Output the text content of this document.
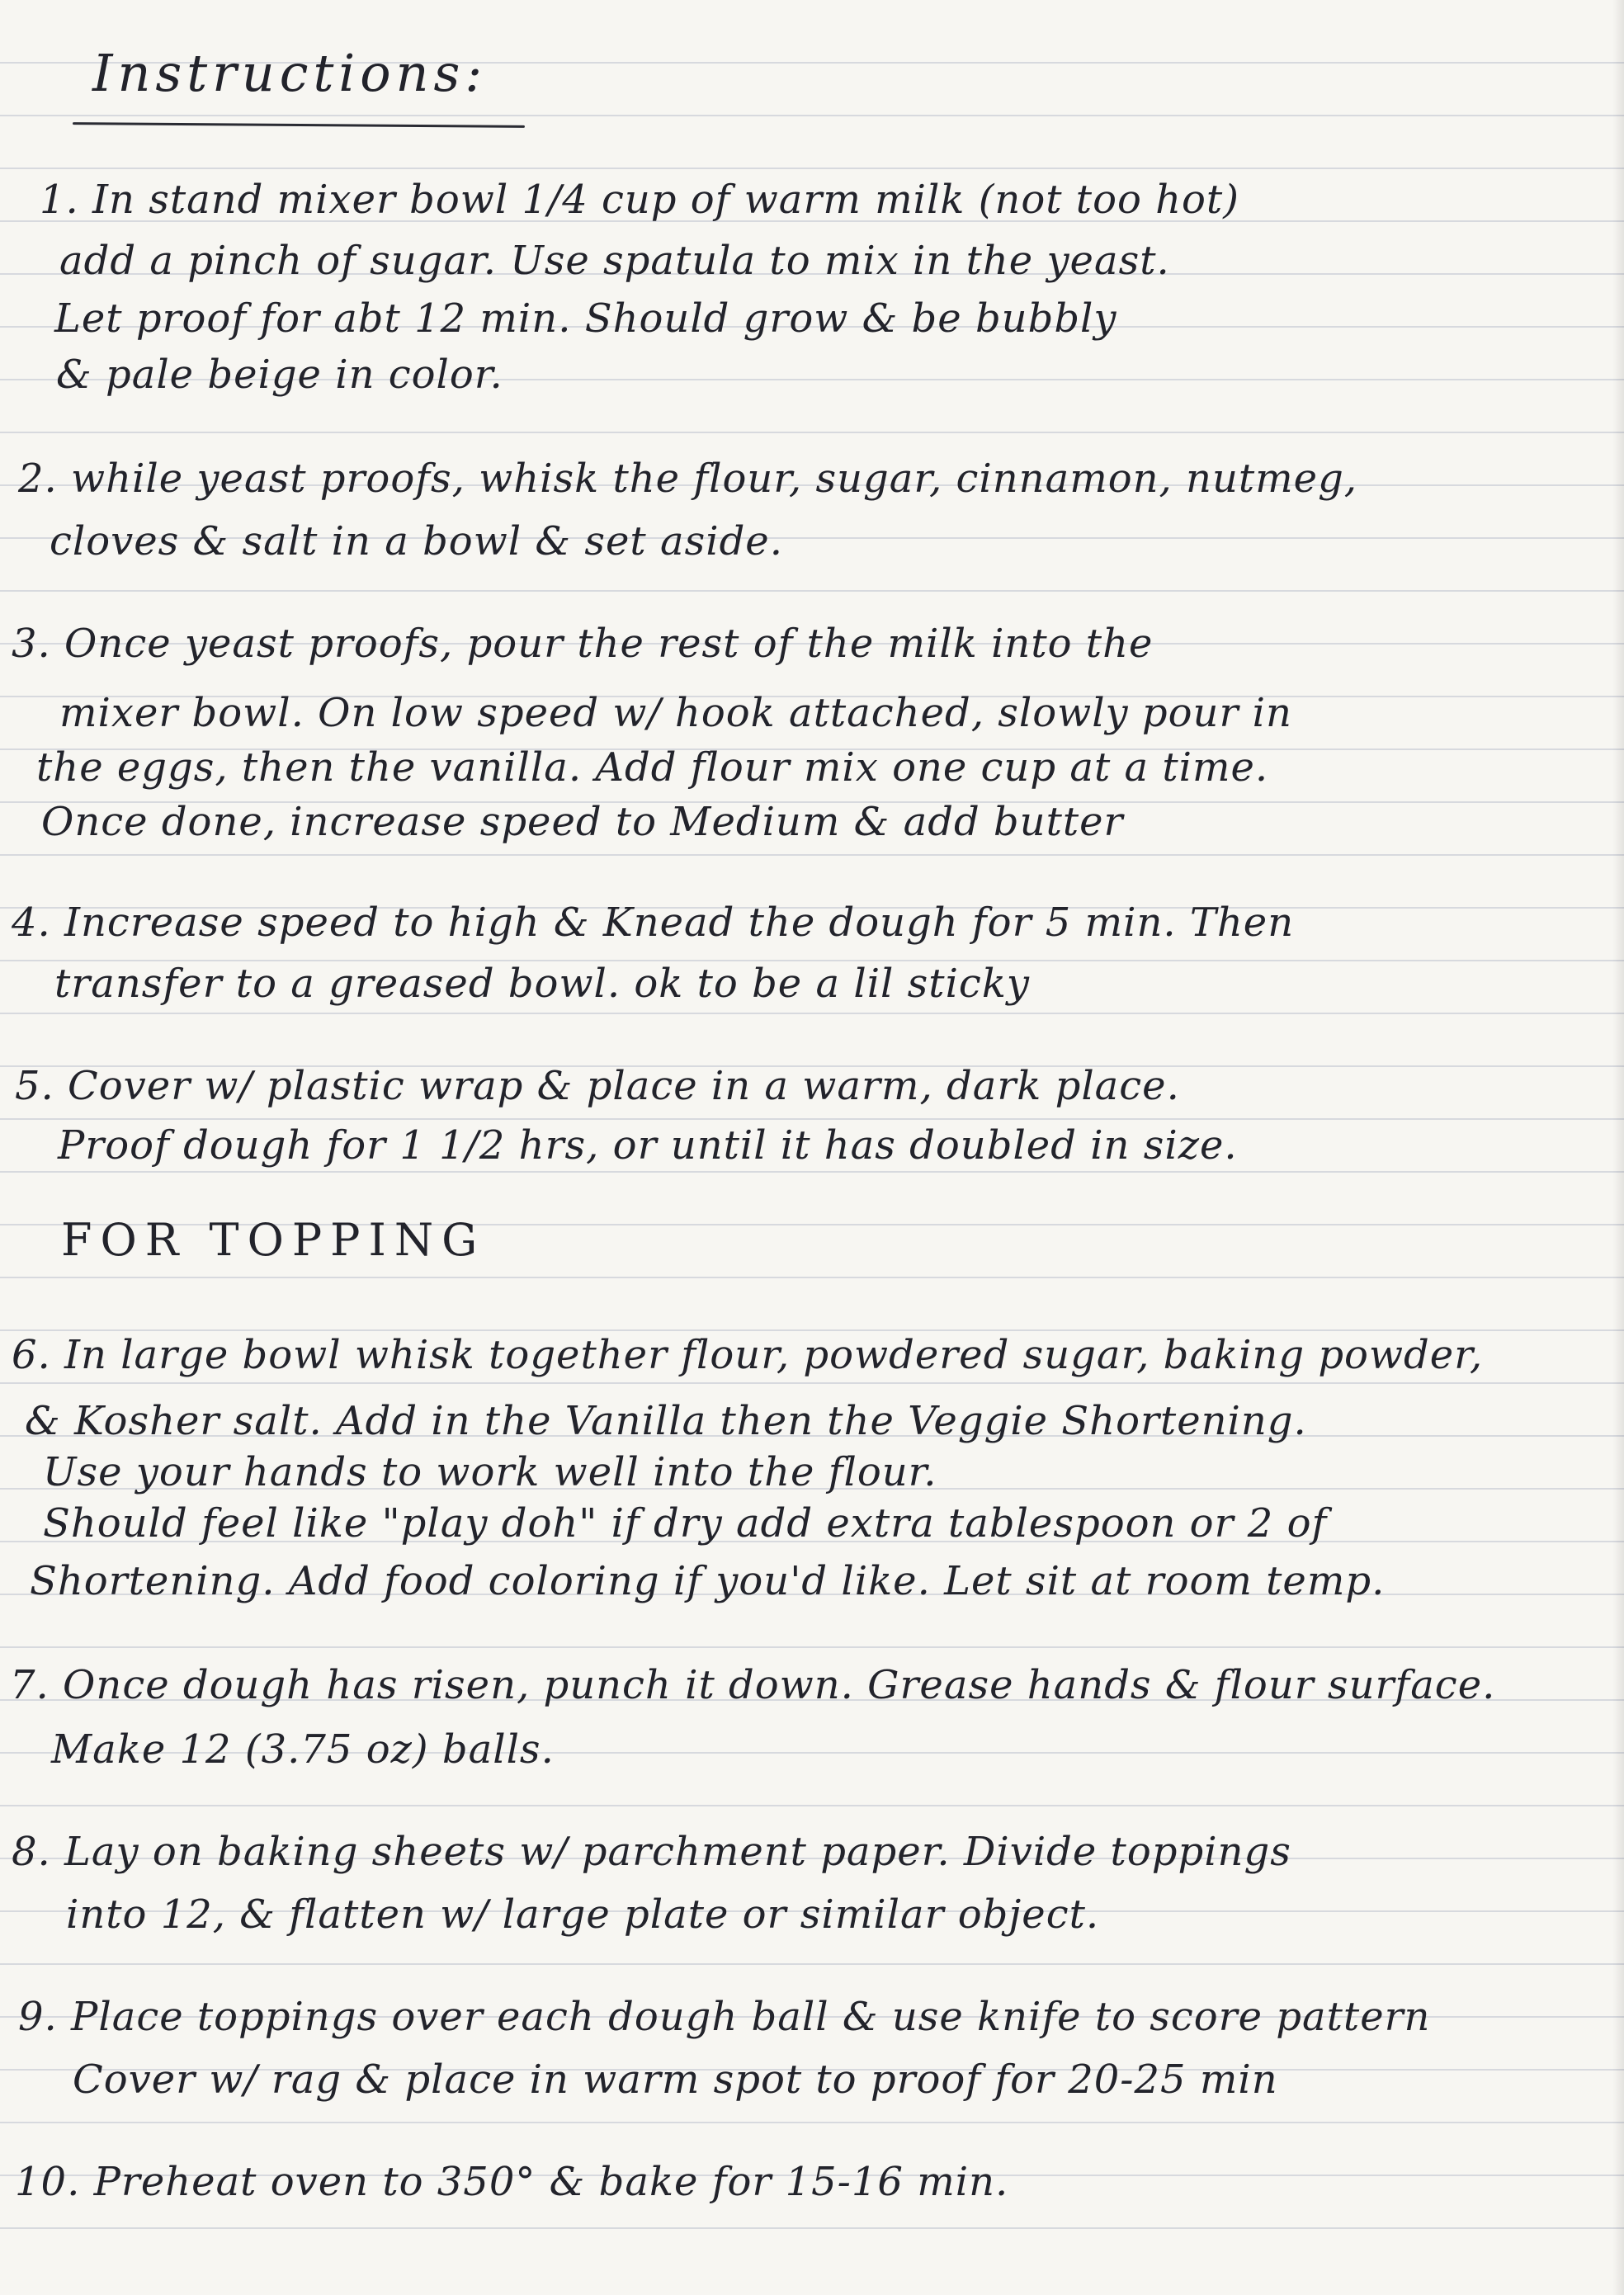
Instructions:
1. In stand mixer bowl 1/4 cup of warm milk (not too hot)
add a pinch of sugar. Use spatula to mix in the yeast.
Let proof for abt 12 min. Should grow & be bubbly
& pale beige in color.
2. while yeast proofs, whisk the flour, sugar, cinnamon, nutmeg,
cloves & salt in a bowl & set aside.
3. Once yeast proofs, pour the rest of the milk into the
mixer bowl. On low speed w/ hook attached, slowly pour in
the eggs, then the vanilla. Add flour mix one cup at a time.
Once done, increase speed to Medium & add butter
4. Increase speed to high & Knead the dough for 5 min. Then
transfer to a greased bowl. ok to be a lil sticky
5. Cover w/ plastic wrap & place in a warm, dark place.
Proof dough for 1 1/2 hrs, or until it has doubled in size.
FOR TOPPING
6. In large bowl whisk together flour, powdered sugar, baking powder,
& Kosher salt. Add in the Vanilla then the Veggie Shortening.
Use your hands to work well into the flour.
Should feel like "play doh" if dry add extra tablespoon or 2 of
Shortening. Add food coloring if you'd like. Let sit at room temp.
7. Once dough has risen, punch it down. Grease hands & flour surface.
Make 12 (3.75 oz) balls.
8. Lay on baking sheets w/ parchment paper. Divide toppings
into 12, & flatten w/ large plate or similar object.
9. Place toppings over each dough ball & use knife to score pattern
Cover w/ rag & place in warm spot to proof for 20-25 min
10. Preheat oven to 350° & bake for 15-16 min.
